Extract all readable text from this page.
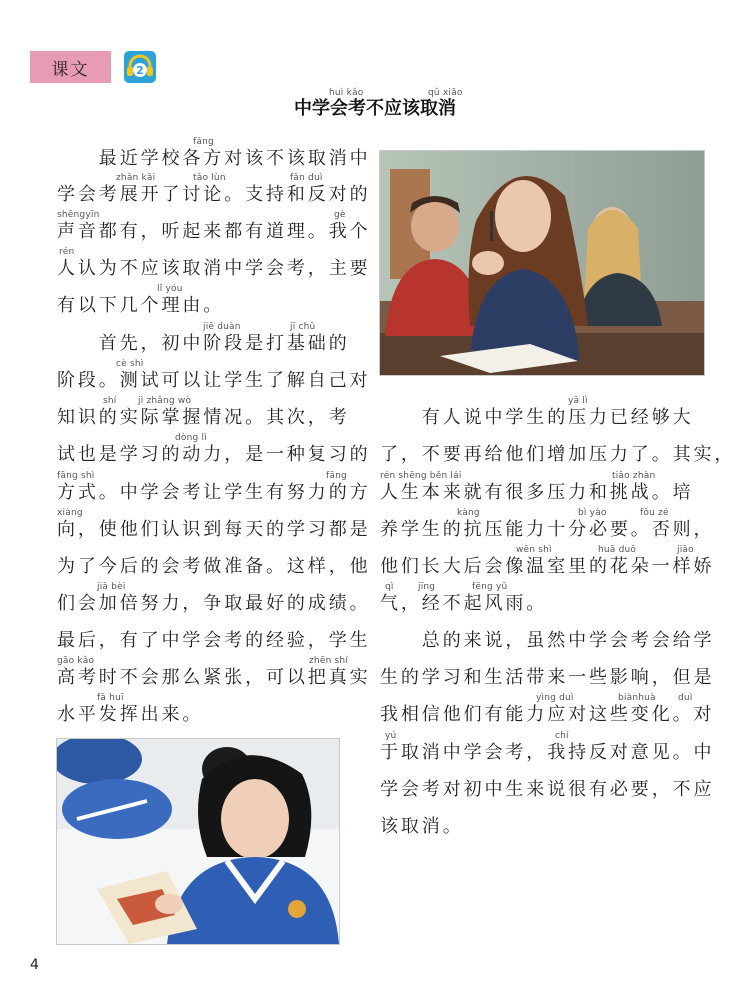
课文	2
huì kǎo	qǔ xiāo
中学会考不应该取消
　　最近学校各方对该不该取消中
fāng
学会考展开了讨论。支持和反对的
zhǎn kāi	tǎo lùn	fǎn duì
声音都有，听起来都有道理。我个
shēngyīn	gè
人认为不应该取消中学会考，主要
rén
有以下几个理由。
lǐ yóu
　　首先，初中阶段是打基础的
jiē duàn	jī chǔ
阶段。测试可以让学生了解自己对
cè shì
知识的实际掌握情况。其次，考
shí jì zhǎng wò
试也是学习的动力，是一种复习的
dòng lì
方式。中学会考让学生有努力的方
fāng shì	fāng
向，使他们认识到每天的学习都是
xiàng
为了今后的会考做准备。这样，他
们会加倍努力，争取最好的成绩。
jiā bèi
最后，有了中学会考的经验，学生
高考时不会那么紧张，可以把真实
gāo kǎo	zhēn shí
水平发挥出来。
fā huī
　　有人说中学生的压力已经够大
yā lì
了，不要再给他们增加压力了。其实，
人生本来就有很多压力和挑战。培
rén shēng běn lái	tiǎo zhàn
养学生的抗压能力十分必要。否则，
kàng	bì yào	fǒu zé
他们长大后会像温室里的花朵一样娇
wēn shì	huā duǒ	jiāo
气，经不起风雨。
qì	jīng	fēng yǔ
　　总的来说，虽然中学会考会给学
生的学习和生活带来一些影响，但是
我相信他们有能力应对这些变化。对
yìng duì	biànhuà duì
于取消中学会考，我持反对意见。中
yú	chí
学会考对初中生来说很有必要，不应
该取消。
4
